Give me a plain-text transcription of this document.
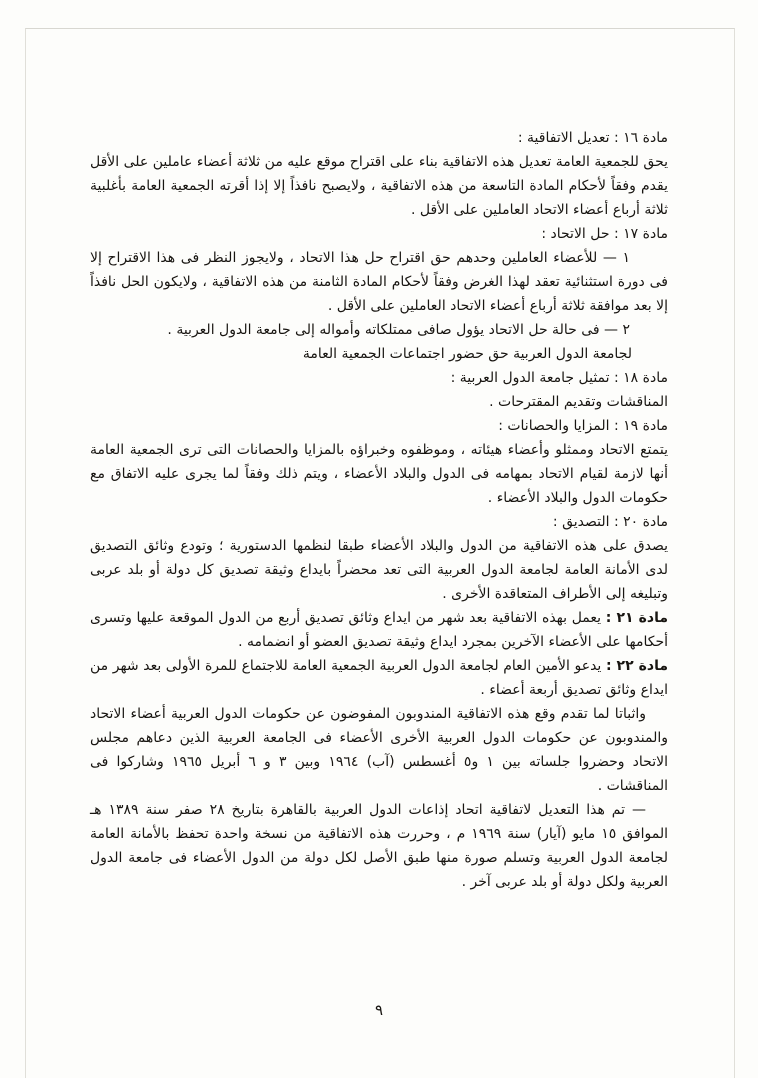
مادة ١٦ : تعديل الاتفاقية :

يحق للجمعية العامة تعديل هذه الاتفاقية بناء على اقتراح موقع عليه من ثلاثة أعضاء عاملين على الأقل يقدم وفقاً لأحكام المادة التاسعة من هذه الاتفاقية ، ولايصبح نافذاً إلا إذا أقرته الجمعية العامة بأغلبية ثلاثة أرباع أعضاء الاتحاد العاملين على الأقل .

مادة ١٧ : حل الاتحاد :

١ — للأعضاء العاملين وحدهم حق اقتراح حل هذا الاتحاد ، ولايجوز النظر فى هذا الاقتراح إلا فى دورة استثنائية تعقد لهذا الغرض وفقاً لأحكام المادة الثامنة من هذه الاتفاقية ، ولايكون الحل نافذاً إلا بعد موافقة ثلاثة أرباع أعضاء الاتحاد العاملين على الأقل .

٢ — فى حالة حل الاتحاد يؤول صافى ممتلكاته وأمواله إلى جامعة الدول العربية .

لجامعة الدول العربية حق حضور اجتماعات الجمعية العامة

مادة ١٨ : تمثيل جامعة الدول العربية :

المناقشات وتقديم المقترحات .

مادة ١٩ : المزايا والحصانات :

يتمتع الاتحاد وممثلو وأعضاء هيئاته ، وموظفوه وخبراؤه بالمزايا والحصانات التى ترى الجمعية العامة أنها لازمة لقيام الاتحاد بمهامه فى الدول والبلاد الأعضاء ، ويتم ذلك وفقاً لما يجرى عليه الاتفاق مع حكومات الدول والبلاد الأعضاء .

مادة ٢٠ : التصديق :

يصدق على هذه الاتفاقية من الدول والبلاد الأعضاء طبقا لنظمها الدستورية ؛ وتودع وثائق التصديق لدى الأمانة العامة لجامعة الدول العربية التى تعد محضراً بايداع وثيقة تصديق كل دولة أو بلد عربى وتبليغه إلى الأطراف المتعاقدة الأخرى .

مادة ٢١ : يعمل بهذه الاتفاقية بعد شهر من ايداع وثائق تصديق أربع من الدول الموقعة عليها وتسرى أحكامها على الأعضاء الآخرين بمجرد ايداع وثيقة تصديق العضو أو انضمامه .

مادة ٢٢ : يدعو الأمين العام لجامعة الدول العربية الجمعية العامة للاجتماع للمرة الأولى بعد شهر من ايداع وثائق تصديق أربعة أعضاء .

واثباتا لما تقدم وقع هذه الاتفاقية المندوبون المفوضون عن حكومات الدول العربية أعضاء الاتحاد والمندوبون عن حكومات الدول العربية الأخرى الأعضاء فى الجامعة العربية الذين دعاهم مجلس الاتحاد وحضروا جلساته بين ١ و٥ أغسطس (آب) ١٩٦٤ وبين ٣ و ٦ أبريل ١٩٦٥ وشاركوا فى المناقشات .

— تم هذا التعديل لاتفاقية اتحاد إذاعات الدول العربية بالقاهرة بتاريخ ٢٨ صفر سنة ١٣٨٩ هـ الموافق ١٥ مايو (آيار) سنة ١٩٦٩ م ، وحررت هذه الاتفاقية من نسخة واحدة تحفظ بالأمانة العامة لجامعة الدول العربية وتسلم صورة منها طبق الأصل لكل دولة من الدول الأعضاء فى جامعة الدول العربية ولكل دولة أو بلد عربى آخر .

٩
